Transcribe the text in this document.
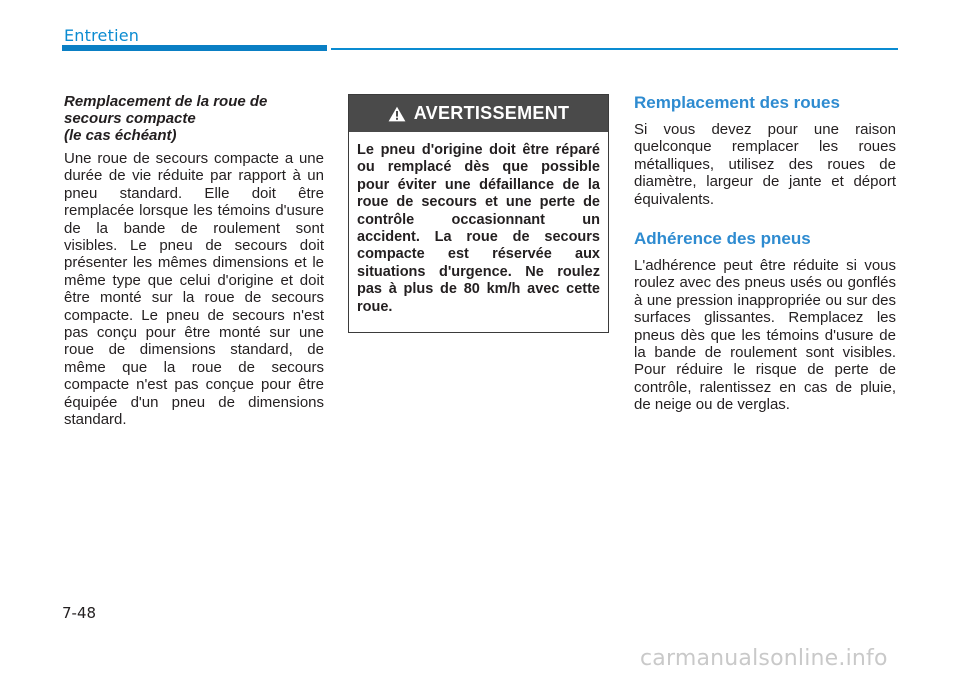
Entretien
Remplacement de la roue de
secours compacte
(le cas échéant)

Une roue de secours compacte a une durée de vie réduite par rapport à un pneu standard. Elle doit être remplacée lorsque les témoins d'usure de la bande de roulement sont visibles. Le pneu de secours doit présenter les mêmes dimensions et le même type que celui d'origine et doit être monté sur la roue de secours compacte. Le pneu de secours n'est pas conçu pour être monté sur une roue de dimensions standard, de même que la roue de secours compacte n'est pas conçue pour être équipée d'un pneu de dimensions standard.

AVERTISSEMENT

Le pneu d'origine doit être réparé ou remplacé dès que possible pour éviter une défaillance de la roue de secours et une perte de contrôle occasionnant un accident. La roue de secours compacte est réservée aux situations d'urgence. Ne roulez pas à plus de 80 km/h avec cette roue.

Remplacement des roues

Si vous devez pour une raison quelconque remplacer les roues métalliques, utilisez des roues de diamètre, largeur de jante et déport équivalents.

Adhérence des pneus

L'adhérence peut être réduite si vous roulez avec des pneus usés ou gonflés à une pression inappropriée ou sur des surfaces glissantes. Remplacez les pneus dès que les témoins d'usure de la bande de roulement sont visibles. Pour réduire le risque de perte de contrôle, ralentissez en cas de pluie, de neige ou de verglas.

7-48
carmanualsonline.info
